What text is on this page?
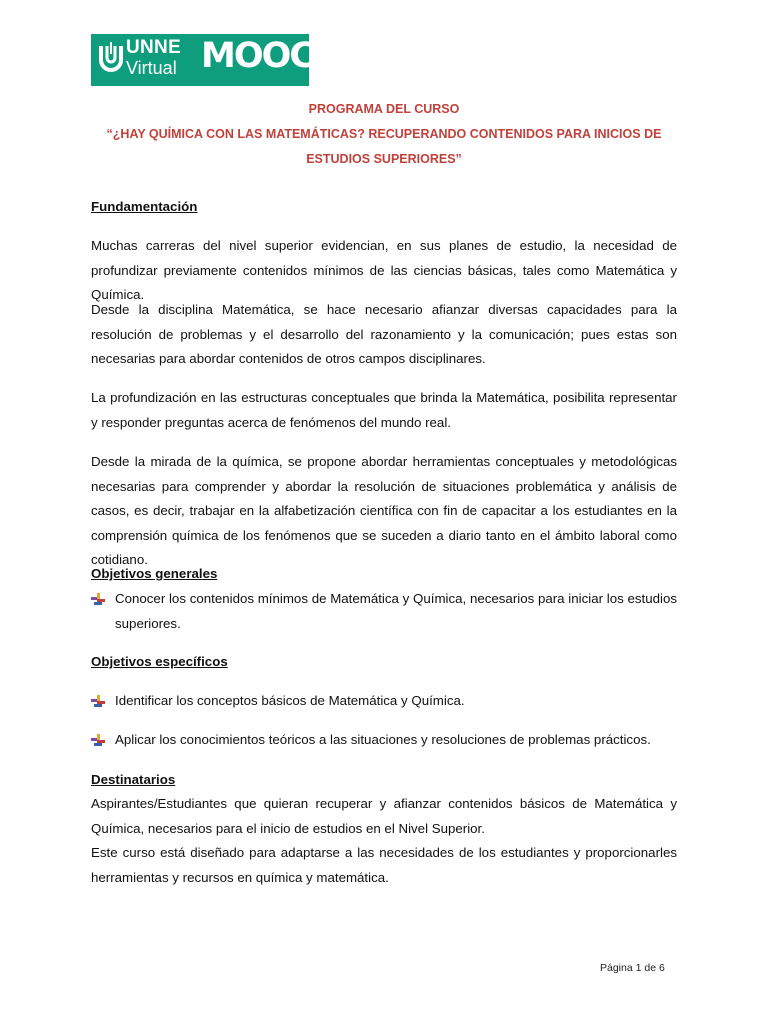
UNNE
Virtual MOOC
PROGRAMA DEL CURSO
“¿HAY QUÍMICA CON LAS MATEMÁTICAS? RECUPERANDO CONTENIDOS PARA INICIOS DE
ESTUDIOS SUPERIORES”
Fundamentación
Muchas carreras del nivel superior evidencian, en sus planes de estudio, la necesidad de profundizar previamente contenidos mínimos de las ciencias básicas, tales como Matemática y Química.
Desde la disciplina Matemática, se hace necesario afianzar diversas capacidades para la resolución de problemas y el desarrollo del razonamiento y la comunicación; pues estas son necesarias para abordar contenidos de otros campos disciplinares.
La profundización en las estructuras conceptuales que brinda la Matemática, posibilita representar y responder preguntas acerca de fenómenos del mundo real.
Desde la mirada de la química, se propone abordar herramientas conceptuales y metodológicas necesarias para comprender y abordar la resolución de situaciones problemática y análisis de casos, es decir, trabajar en la alfabetización científica con fin de capacitar a los estudiantes en la comprensión química de los fenómenos que se suceden a diario tanto en el ámbito laboral como cotidiano.
Objetivos generales
Conocer los contenidos mínimos de Matemática y Química, necesarios para iniciar los estudios superiores.
Objetivos específicos
Identificar los conceptos básicos de Matemática y Química.
Aplicar los conocimientos teóricos a las situaciones y resoluciones de problemas prácticos.
Destinatarios
Aspirantes/Estudiantes que quieran recuperar y afianzar contenidos básicos de Matemática y Química, necesarios para el inicio de estudios en el Nivel Superior.
Este curso está diseñado para adaptarse a las necesidades de los estudiantes y proporcionarles herramientas y recursos en química y matemática.
Página 1 de 6
